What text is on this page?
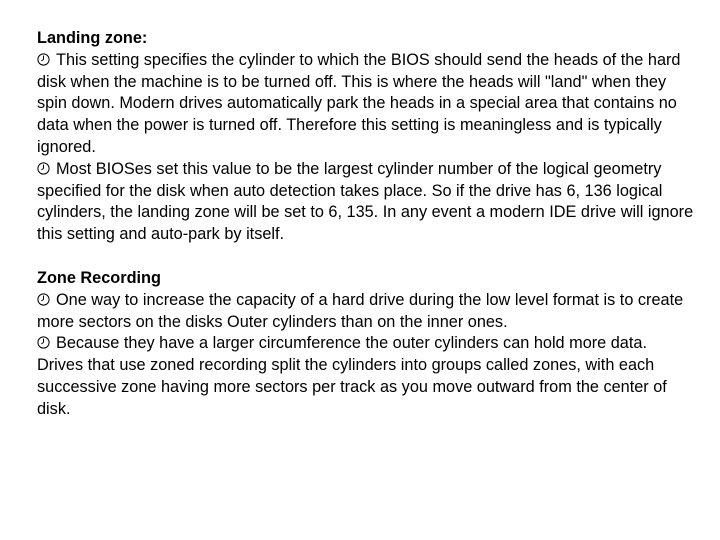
Landing zone:
This setting specifies the cylinder to which the BIOS should send the heads of the hard disk when the machine is to be turned off. This is where the heads will "land" when they spin down. Modern drives automatically park the heads in a special area that contains no data when the power is turned off. Therefore this setting is meaningless and is typically ignored.
Most BIOSes set this value to be the largest cylinder number of the logical geometry specified for the disk when auto detection takes place. So if the drive has 6, 136 logical cylinders, the landing zone will be set to 6, 135. In any event a modern IDE drive will ignore this setting and auto-park by itself.
Zone Recording
One way to increase the capacity of a hard drive during the low level format is to create more sectors on the disks Outer cylinders than on the inner ones.
Because they have a larger circumference the outer cylinders can hold more data. Drives that use zoned recording split the cylinders into groups called zones, with each successive zone having more sectors per track as you move outward from the center of disk.
